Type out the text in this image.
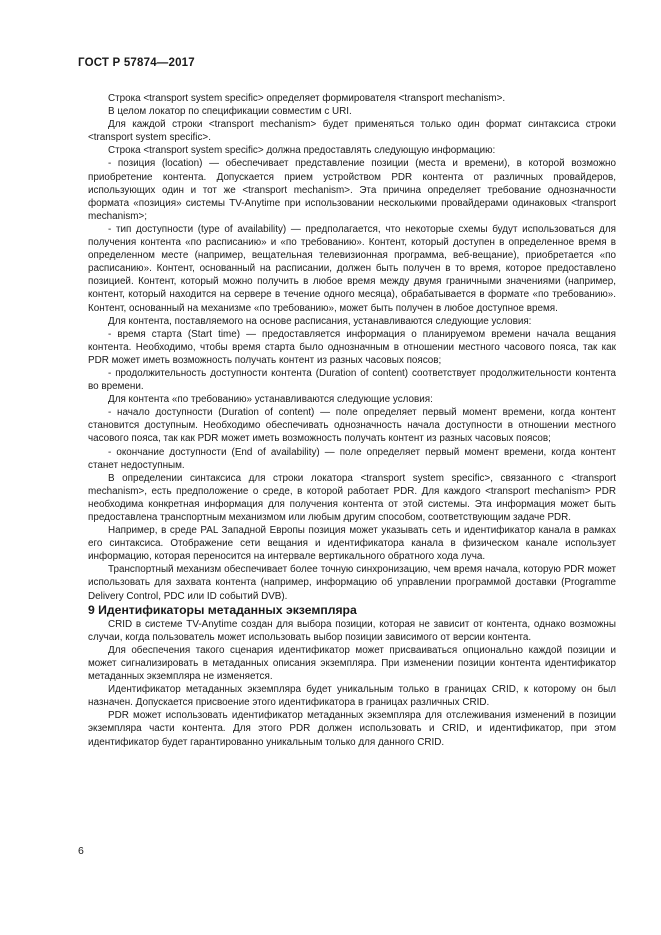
ГОСТ Р 57874—2017

Строка <transport system specific> определяет формирователя <transport mechanism>.

В целом локатор по спецификации совместим с URI.

Для каждой строки <transport mechanism> будет применяться только один формат синтаксиса строки <transport system specific>.

Строка <transport system specific> должна предоставлять следующую информацию:

- позиция (location) — обеспечивает представление позиции (места и времени), в которой возможно приобретение контента. Допускается прием устройством PDR контента от различных провайдеров, использующих один и тот же <transport mechanism>. Эта причина определяет требование однозначности формата «позиция» системы TV-Anytime при использовании несколькими провайдерами одинаковых <transport mechanism>;

- тип доступности (type of availability) — предполагается, что некоторые схемы будут использоваться для получения контента «по расписанию» и «по требованию». Контент, который доступен в определенное время в определенном месте (например, вещательная телевизионная программа, веб-вещание), приобретается «по расписанию». Контент, основанный на расписании, должен быть получен в то время, которое предоставлено позицией. Контент, который можно получить в любое время между двумя граничными значениями (например, контент, который находится на сервере в течение одного месяца), обрабатывается в формате «по требованию». Контент, основанный на механизме «по требованию», может быть получен в любое доступное время.

Для контента, поставляемого на основе расписания, устанавливаются следующие условия:

- время старта (Start time) — предоставляется информация о планируемом времени начала вещания контента. Необходимо, чтобы время старта было однозначным в отношении местного часового пояса, так как PDR может иметь возможность получать контент из разных часовых поясов;

- продолжительность доступности контента (Duration of content) соответствует продолжительности контента во времени.

Для контента «по требованию» устанавливаются следующие условия:

- начало доступности (Duration of content) — поле определяет первый момент времени, когда контент становится доступным. Необходимо обеспечивать однозначность начала доступности в отношении местного часового пояса, так как PDR может иметь возможность получать контент из разных часовых поясов;

- окончание доступности (End of availability) — поле определяет первый момент времени, когда контент станет недоступным.

В определении синтаксиса для строки локатора <transport system specific>, связанного с <transport mechanism>, есть предположение о среде, в которой работает PDR. Для каждого <transport mechanism> PDR необходима конкретная информация для получения контента от этой системы. Эта информация может быть предоставлена транспортным механизмом или любым другим способом, соответствующим задаче PDR.

Например, в среде PAL Западной Европы позиция может указывать сеть и идентификатор канала в рамках его синтаксиса. Отображение сети вещания и идентификатора канала в физическом канале использует информацию, которая переносится на интервале вертикального обратного хода луча.

Транспортный механизм обеспечивает более точную синхронизацию, чем время начала, которую PDR может использовать для захвата контента (например, информацию об управлении программой доставки (Programme Delivery Control, PDC или ID событий DVB).

9 Идентификаторы метаданных экземпляра

CRID в системе TV-Anytime создан для выбора позиции, которая не зависит от контента, однако возможны случаи, когда пользователь может использовать выбор позиции зависимого от версии контента.

Для обеспечения такого сценария идентификатор может присваиваться опционально каждой позиции и может сигнализировать в метаданных описания экземпляра. При изменении позиции контента идентификатор метаданных экземпляра не изменяется.

Идентификатор метаданных экземпляра будет уникальным только в границах CRID, к которому он был назначен. Допускается присвоение этого идентификатора в границах различных CRID.

PDR может использовать идентификатор метаданных экземпляра для отслеживания изменений в позиции экземпляра части контента. Для этого PDR должен использовать и CRID, и идентификатор, при этом идентификатор будет гарантированно уникальным только для данного CRID.

6
